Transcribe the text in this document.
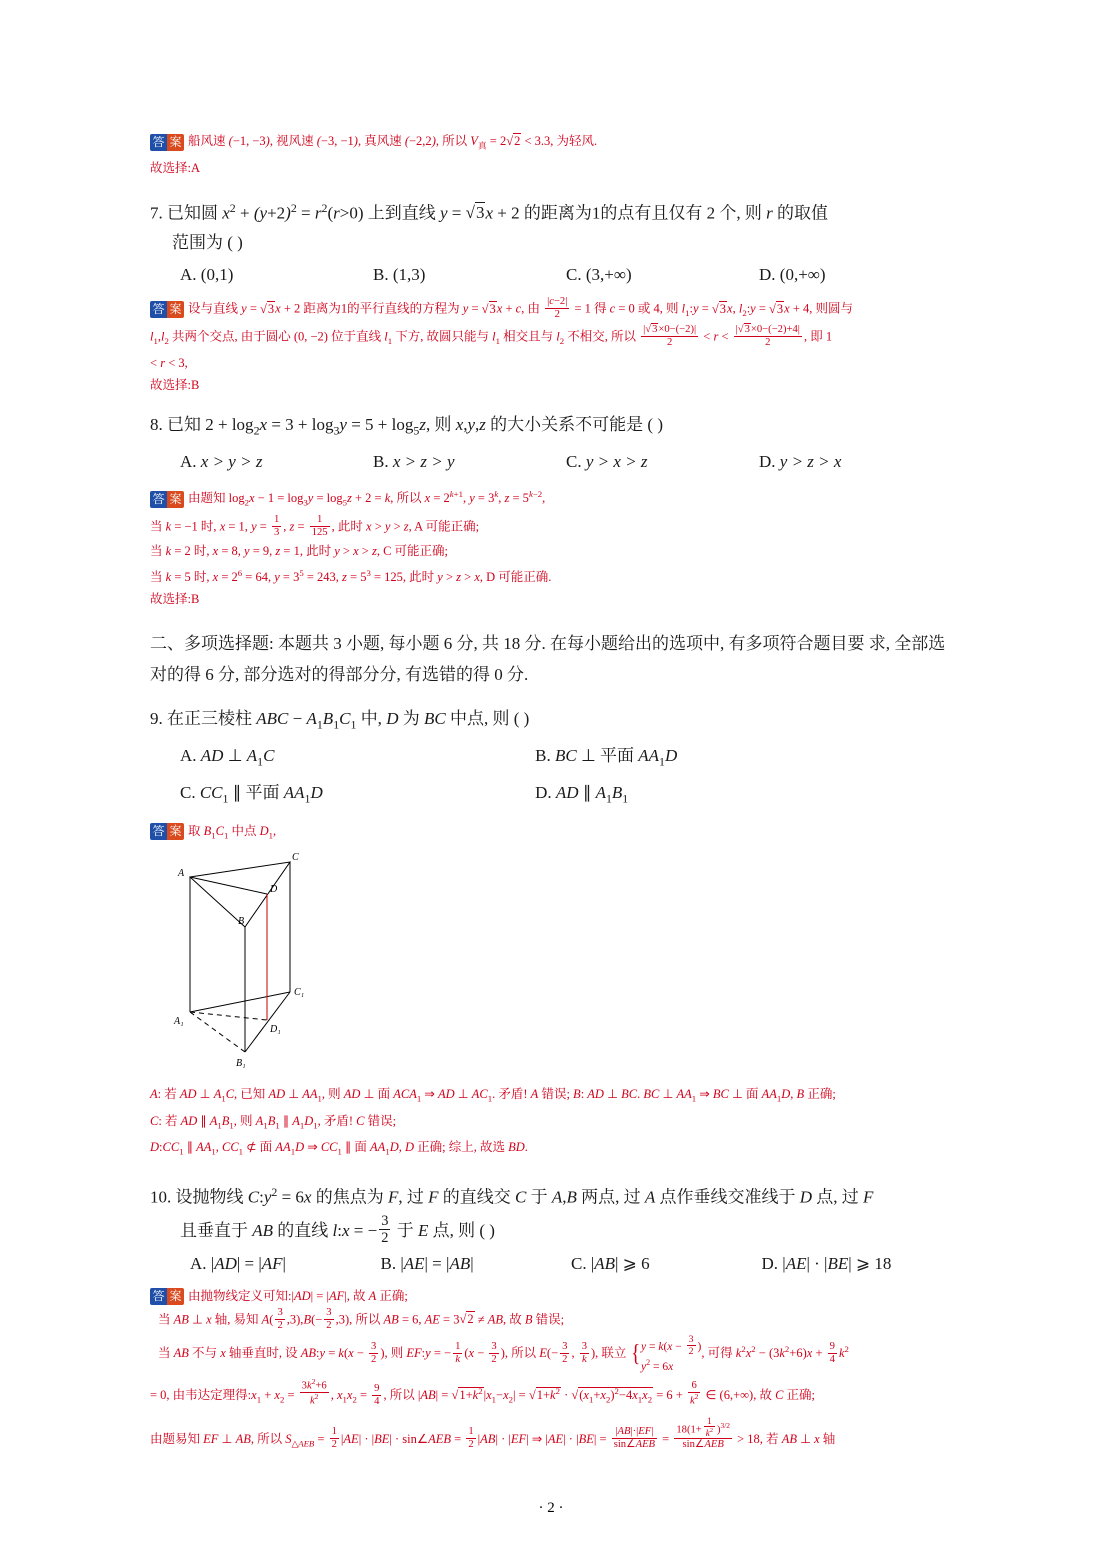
答 案 船风速 (−1, −3), 视风速 (−3, −1), 真风速 (−2,2), 所以 $V_真 = 2$ √ 2 < 3.3, 为轻风.
故选择:A
7. 已知圆 $x^2 + (y+2)^2 = r^2(r>0)$ 上到直线 y = √ 3x + 2 的距离为1的点有且仅有 2 个, 则 r 的取值
范围为 ( )
A. (0,1)	B. (1,3)	C. (3,+∞)	D. (0,+∞)
答 案 设与直线 y = √ 3x + 2 距离为1的平行直线的方程为 y = √ 3x + c, 由 $\frac{|c-2|}{2} = 1$ 得 c = 0 或 4, 则 $l_1:y$ = √ 3x, $l_2:y$ = √ 3x + 4, 则圆与
$l_1,l_2$ 共两个交点, 由于圆心 (0, −2) 位于直线 $l_1$ 下方, 故圆只能与 $l_1$ 相交且与 $l_2$ 不相交, 所以 $\frac{| √ 3\times 0-(-2)|}{2} < r < \frac{| √ 3\times 0-(-2)+4|}{2}$ , 即 1
< r < 3,
故选择:B
8. 已知 $2 + \log_2x = 3 + \log_3y = 5 + \log_5z$, 则 x,y,z 的大小关系不可能是 ( )
A. x > y > z	B. x > z > y	C. y > x > z	D. y > z > x
答 案 由题知 $\log_2x - 1 = \log_3y = \log_5z + 2 = k$, 所以 $x = 2^{k+1}$, $y = 3^k$, $z = 5^{k-2}$,
当 k = −1 时, x = 1, $y = \frac{1}{3}$ , $z = \frac{1}{125}$ , 此时 x > y > z, A 可能正确;
当 k = 2 时, x = 8, y = 9, z = 1, 此时 y > x > z, C 可能正确;
当 k = 5 时, $x = 2^6 = 64$, $y = 3^5 = 243$, $z = 5^3 = 125$, 此时 y > z > x, D 可能正确.
故选择:B
二、多项选择题: 本题共 3 小题, 每小题 6 分, 共 18 分. 在每小题给出的选项中, 有多项符合题目要 求, 全部选对的得 6 分, 部分选对的得部分分, 有选错的得 0 分.
9. 在正三棱柱 ABC − $A_1B_1C_1$ 中, D 为 BC 中点, 则 ( )
A. AD ⊥ $A_1C$	B. BC ⊥ 平面 $AA_1D$
C. $CC_1$ ∥ 平面 $AA_1D$	D. AD ∥ $A_1B_1$
答 案 取 $B_1C_1$ 中点 $D_1$,
C
A
D
B
C₁
A₁
D₁
B₁
A: 若 AD ⊥ $A_1C$, 已知 AD ⊥ $AA_1$, 则 AD ⊥ 面 $ACA_1$ ⇒ AD ⊥ $AC_1$. 矛盾! A 错误; B: AD ⊥ BC. BC ⊥ $AA_1$ ⇒ BC ⊥ 面 $AA_1D$, B 正确;
C: 若 AD ∥ $A_1B_1$, 则 $A_1B_1$ ∥ $A_1D_1$, 矛盾! C 错误;
$D:CC_1$ ∥ $AA_1$, $CC_1$ ⊄ 面 $AA_1D$ ⇒ $CC_1$ ∥ 面 $AA_1D$, D 正确; 综上, 故选 BD.
10. 设抛物线 $C:y^2 = 6x$ 的焦点为 F, 过 F 的直线交 C 于 A,B 两点, 过 A 点作垂线交准线于 D 点, 过 F
且垂直于 AB 的直线 l:x = − $\frac{3}{2}$ 于 E 点, 则 ( )
A. |AD| = |AF|	B. |AE| = |AB|	C. |AB| ⩾ 6	D. |AE| · |BE| ⩾ 18
答 案 由抛物线定义可知:|AD| = |AF|, 故 A 正确;
当 AB ⊥ x 轴, 易知 $A( \frac{3}{2} ,3),B(- \frac{3}{2} ,3)$, 所以 AB = 6, AE = 3 √ 2 ≠ AB, 故 B 错误;
当 AB 不与 x 轴垂直时, 设 AB:y = $k(x - \frac{3}{2}$ ), 则 EF:y = − $\frac{1}{k} (x - \frac{3}{2}$ ), 所以 $E(- \frac{3}{2}$ , $\frac{3}{k}$ ), 联立 {$y = k(x - \frac{3}{2}$ )
$y^2 = 6x$, 可得 $k^2x^2 - (3k^2+6)x + \frac{9}{4} k^2$
= 0, 由韦达定理得$:x_1 + x_2 = \frac{3k^2+6}{k^2}$ , $x_1x_2 = \frac{9}{4}$ , 所以 |AB| = √ $1+k^2|x_1-x_2|$ = √ $1+k^2$ · √ $(x_1+x_2)^2-4x_1x_2 = 6 + \frac{6}{k^2}$ ∈ (6,+∞), 故 C 正确;
由题易知 EF ⊥ AB, 所以 $S_{\triangle AEB} = \frac{1}{2} |AE| \cdot |BE|$ · sin∠AEB = $\frac{1}{2} |AB| \cdot |EF|$ ⇒ $|AE| \cdot |BE| = \frac{|AB|\cdot|EF|}{\text{sin∠AEB}} = \frac{18(1+ \frac{1}{k^2} )^{3/2}}{\text{sin∠AEB}} > 18$, 若 AB ⊥ x 轴
· 2 ·
